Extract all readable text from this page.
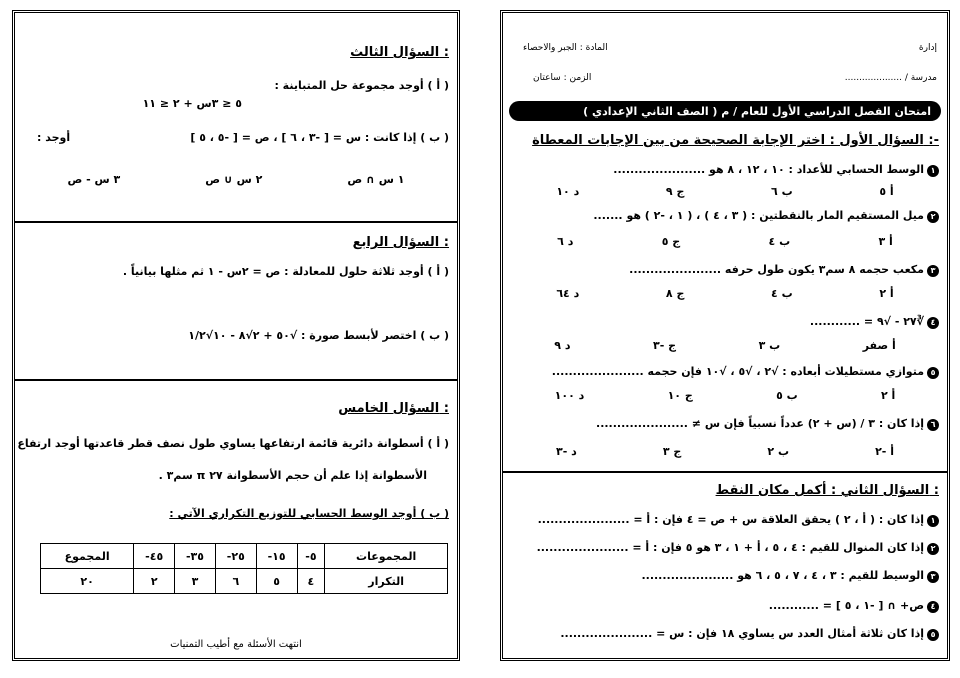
إدارة
المادة : الجبر والاحصاء
مدرسة / ....................
الزمن : ساعتان
امتحان الفصل الدراسي الأول للعام / م ( الصف الثاني الإعدادي )
السؤال الأول : اختر الإجابة الصحيحة من بين الإجابات المعطاة :-
١الوسط الحسابي للأعداد : ١٠ ، ١٢ ، ٨ هو ......................
أ ٥
ب ٦
ج ٩
د ١٠
٢ميل المستقيم المار بالنقطتين : ( ٣ ، ٤ ) ، ( ١ ، -٢ ) هو .......
أ ٣
ب ٤
ج ٥
د ٦
٣مكعب حجمه ٨ سم٣ يكون طول حرفه ......................
أ ٢
ب ٤
ج ٨
د ٦٤
٤∛٢٧ - √٩ = ............
أ صفر
ب ٣
ج -٣
د ٩
٥متوازي مستطيلات أبعاده : √٢ ، √٥ ، √١٠ فإن حجمه ......................
أ ٢
ب ٥
ج ١٠
د ١٠٠
٦إذا كان : ٣ / (س + ٢) عدداً نسبياً فإن س ≠ ......................
أ -٢
ب ٢
ج ٣
د -٣
السؤال الثاني : أكمل مكان النقط :
١إذا كان : ( أ ، ٢ ) يحقق العلاقة س + ص = ٤ فإن : أ = ......................
٢إذا كان المنوال للقيم : ٤ ، ٥ ، أ + ١ ، ٣ هو ٥ فإن : أ = ......................
٣الوسيط للقيم : ٣ ، ٤ ، ٧ ، ٥ ، ٦ هو ......................
٤ص+ ∩ [ -١ ، ٥ ] = ............
٥إذا كان ثلاثة أمثال العدد س يساوي ١٨ فإن : س = ......................
السؤال الثالث :
( أ ) أوجد مجموعة حل المتباينة :
٥ ≤ ٣س + ٢ ≤ ١١
( ب ) إذا كانت : س = [ -٣ ، ٦ ] ، ص = [ -٥ ، ٥ ]
أوجد :
١ س ∩ ص
٢ س ∪ ص
٣ س - ص
السؤال الرابع :
( أ ) أوجد ثلاثة حلول للمعادلة : ص = ٢س - ١ ثم مثلها بيانياً .
( ب ) اختصر لأبسط صورة : √٥٠ + ٢√٨ - ١٠√١/٢
السؤال الخامس :
( أ ) أسطوانة دائرية قائمة ارتفاعها يساوي طول نصف قطر قاعدتها أوجد ارتفاع
الأسطوانة إذا علم أن حجم الأسطوانة ٢٧ π سم٣ .
( ب ) أوجد الوسط الحسابي للتوزيع التكراري الآتي :
المجموعات	٥-	١٥-	٢٥-	٣٥-	٤٥-	المجموع
التكرار	٤	٥	٦	٣	٢	٢٠
انتهت الأسئلة مع أطيب التمنيات
